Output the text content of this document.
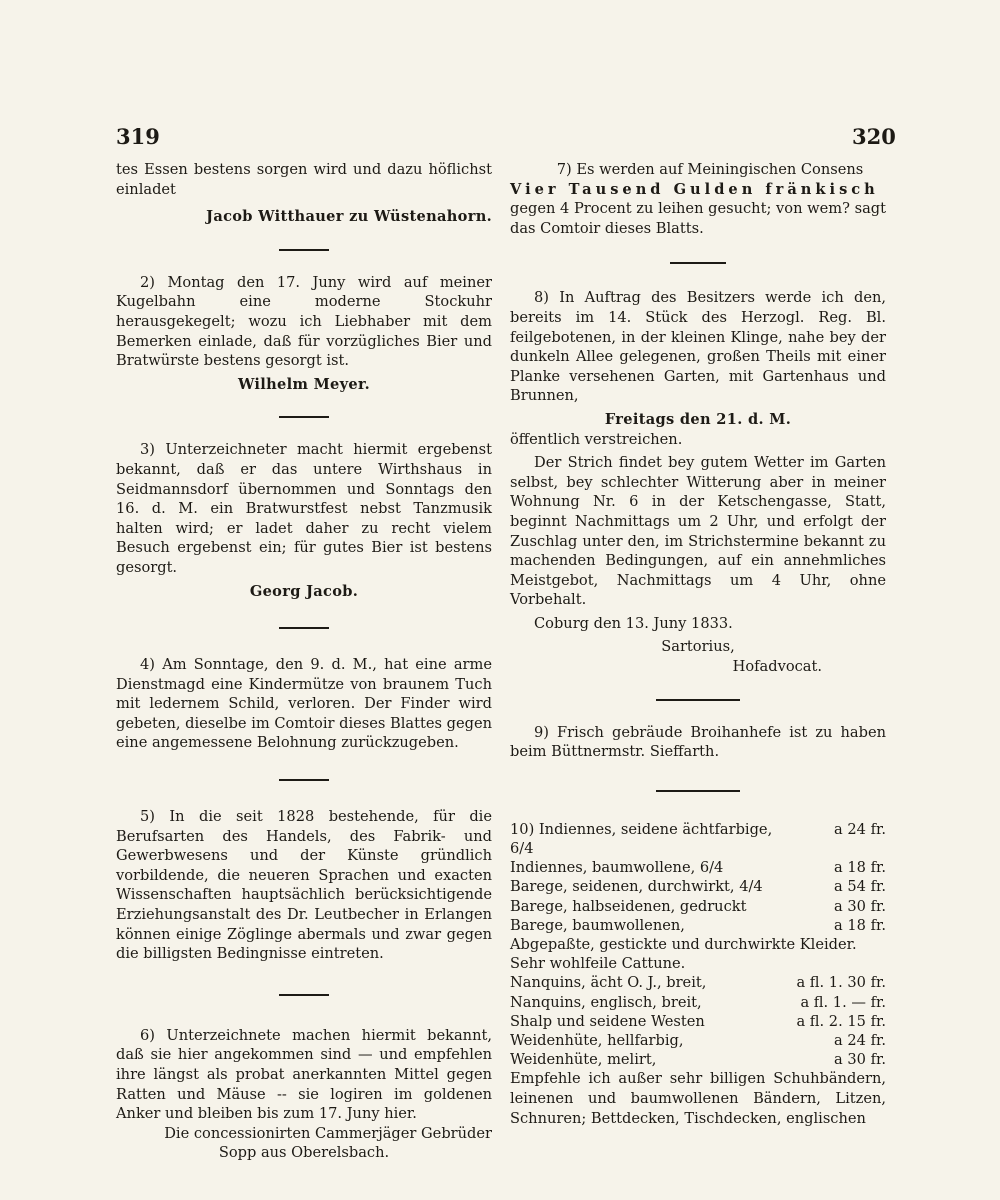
319	320

tes Essen bestens sorgen wird und dazu höflichst einladet

Jacob Witthauer zu Wüstenahorn.

2) Montag den 17. Juny wird auf meiner Kugelbahn eine moderne Stockuhr herausgekegelt; wozu ich Liebhaber mit dem Bemerken einlade, daß für vorzügliches Bier und Bratwürste bestens gesorgt ist.

Wilhelm Meyer.

3) Unterzeichneter macht hiermit ergebenst bekannt, daß er das untere Wirthshaus in Seidmannsdorf übernommen und Sonntags den 16. d. M. ein Bratwurstfest nebst Tanzmusik halten wird; er ladet daher zu recht vielem Besuch ergebenst ein; für gutes Bier ist bestens gesorgt.

Georg Jacob.

4) Am Sonntage, den 9. d. M., hat eine arme Dienstmagd eine Kindermütze von braunem Tuch mit ledernem Schild, verloren. Der Finder wird gebeten, dieselbe im Comtoir dieses Blattes gegen eine angemessene Belohnung zurückzugeben.

5) In die seit 1828 bestehende, für die Berufsarten des Handels, des Fabrik- und Gewerbwesens und der Künste gründlich vorbildende, die neueren Sprachen und exacten Wissenschaften hauptsächlich berücksichtigende Erziehungsanstalt des Dr. Leutbecher in Erlangen können einige Zöglinge abermals und zwar gegen die billigsten Bedingnisse eintreten.

6) Unterzeichnete machen hiermit bekannt, daß sie hier angekommen sind — und empfehlen ihre längst als probat anerkannten Mittel gegen Ratten und Mäuse -- sie logiren im goldenen Anker und bleiben bis zum 17. Juny hier.

Die concessionirten Cammerjäger Gebrüder

Sopp aus Oberelsbach.

7) Es werden auf Meiningischen Consens

Vier Tausend Gulden fränkisch

gegen 4 Procent zu leihen gesucht; von wem? sagt das Comtoir dieses Blatts.

8) In Auftrag des Besitzers werde ich den, bereits im 14. Stück des Herzogl. Reg. Bl. feilgebotenen, in der kleinen Klinge, nahe bey der dunkeln Allee gelegenen, großen Theils mit einer Planke versehenen Garten, mit Gartenhaus und Brunnen,

Freitags den 21. d. M.

öffentlich verstreichen.

Der Strich findet bey gutem Wetter im Garten selbst, bey schlechter Witterung aber in meiner Wohnung Nr. 6 in der Ketschengasse, Statt, beginnt Nachmittags um 2 Uhr, und erfolgt der Zuschlag unter den, im Strichstermine bekannt zu machenden Bedingungen, auf ein annehmliches Meistgebot, Nachmittags um 4 Uhr, ohne Vorbehalt.

Coburg den 13. Juny 1833.

Sartorius,

Hofadvocat.

9) Frisch gebräude Broihanhefe ist zu haben beim Büttnermstr. Sieffarth.

10) Indiennes, seidene ächtfarbige, 6/4	a 24 fr.
Indiennes, baumwollene, 6/4	a 18 fr.
Barege, seidenen, durchwirkt, 4/4	a 54 fr.
Barege, halbseidenen, gedruckt	a 30 fr.
Barege, baumwollenen,	a 18 fr.
Abgepaßte, gestickte und durchwirkte Kleider.	
Sehr wohlfeile Cattune.	
Nanquins, ächt O. J., breit,	a fl. 1. 30 fr.
Nanquins, englisch, breit,	a fl. 1. — fr.
Shalp und seidene Westen	a fl. 2. 15 fr.
Weidenhüte, hellfarbig,	a 24 fr.
Weidenhüte, melirt,	a 30 fr.

Empfehle ich außer sehr billigen Schuhbändern, leinenen und baumwollenen Bändern, Litzen, Schnuren; Bettdecken, Tischdecken, englischen
